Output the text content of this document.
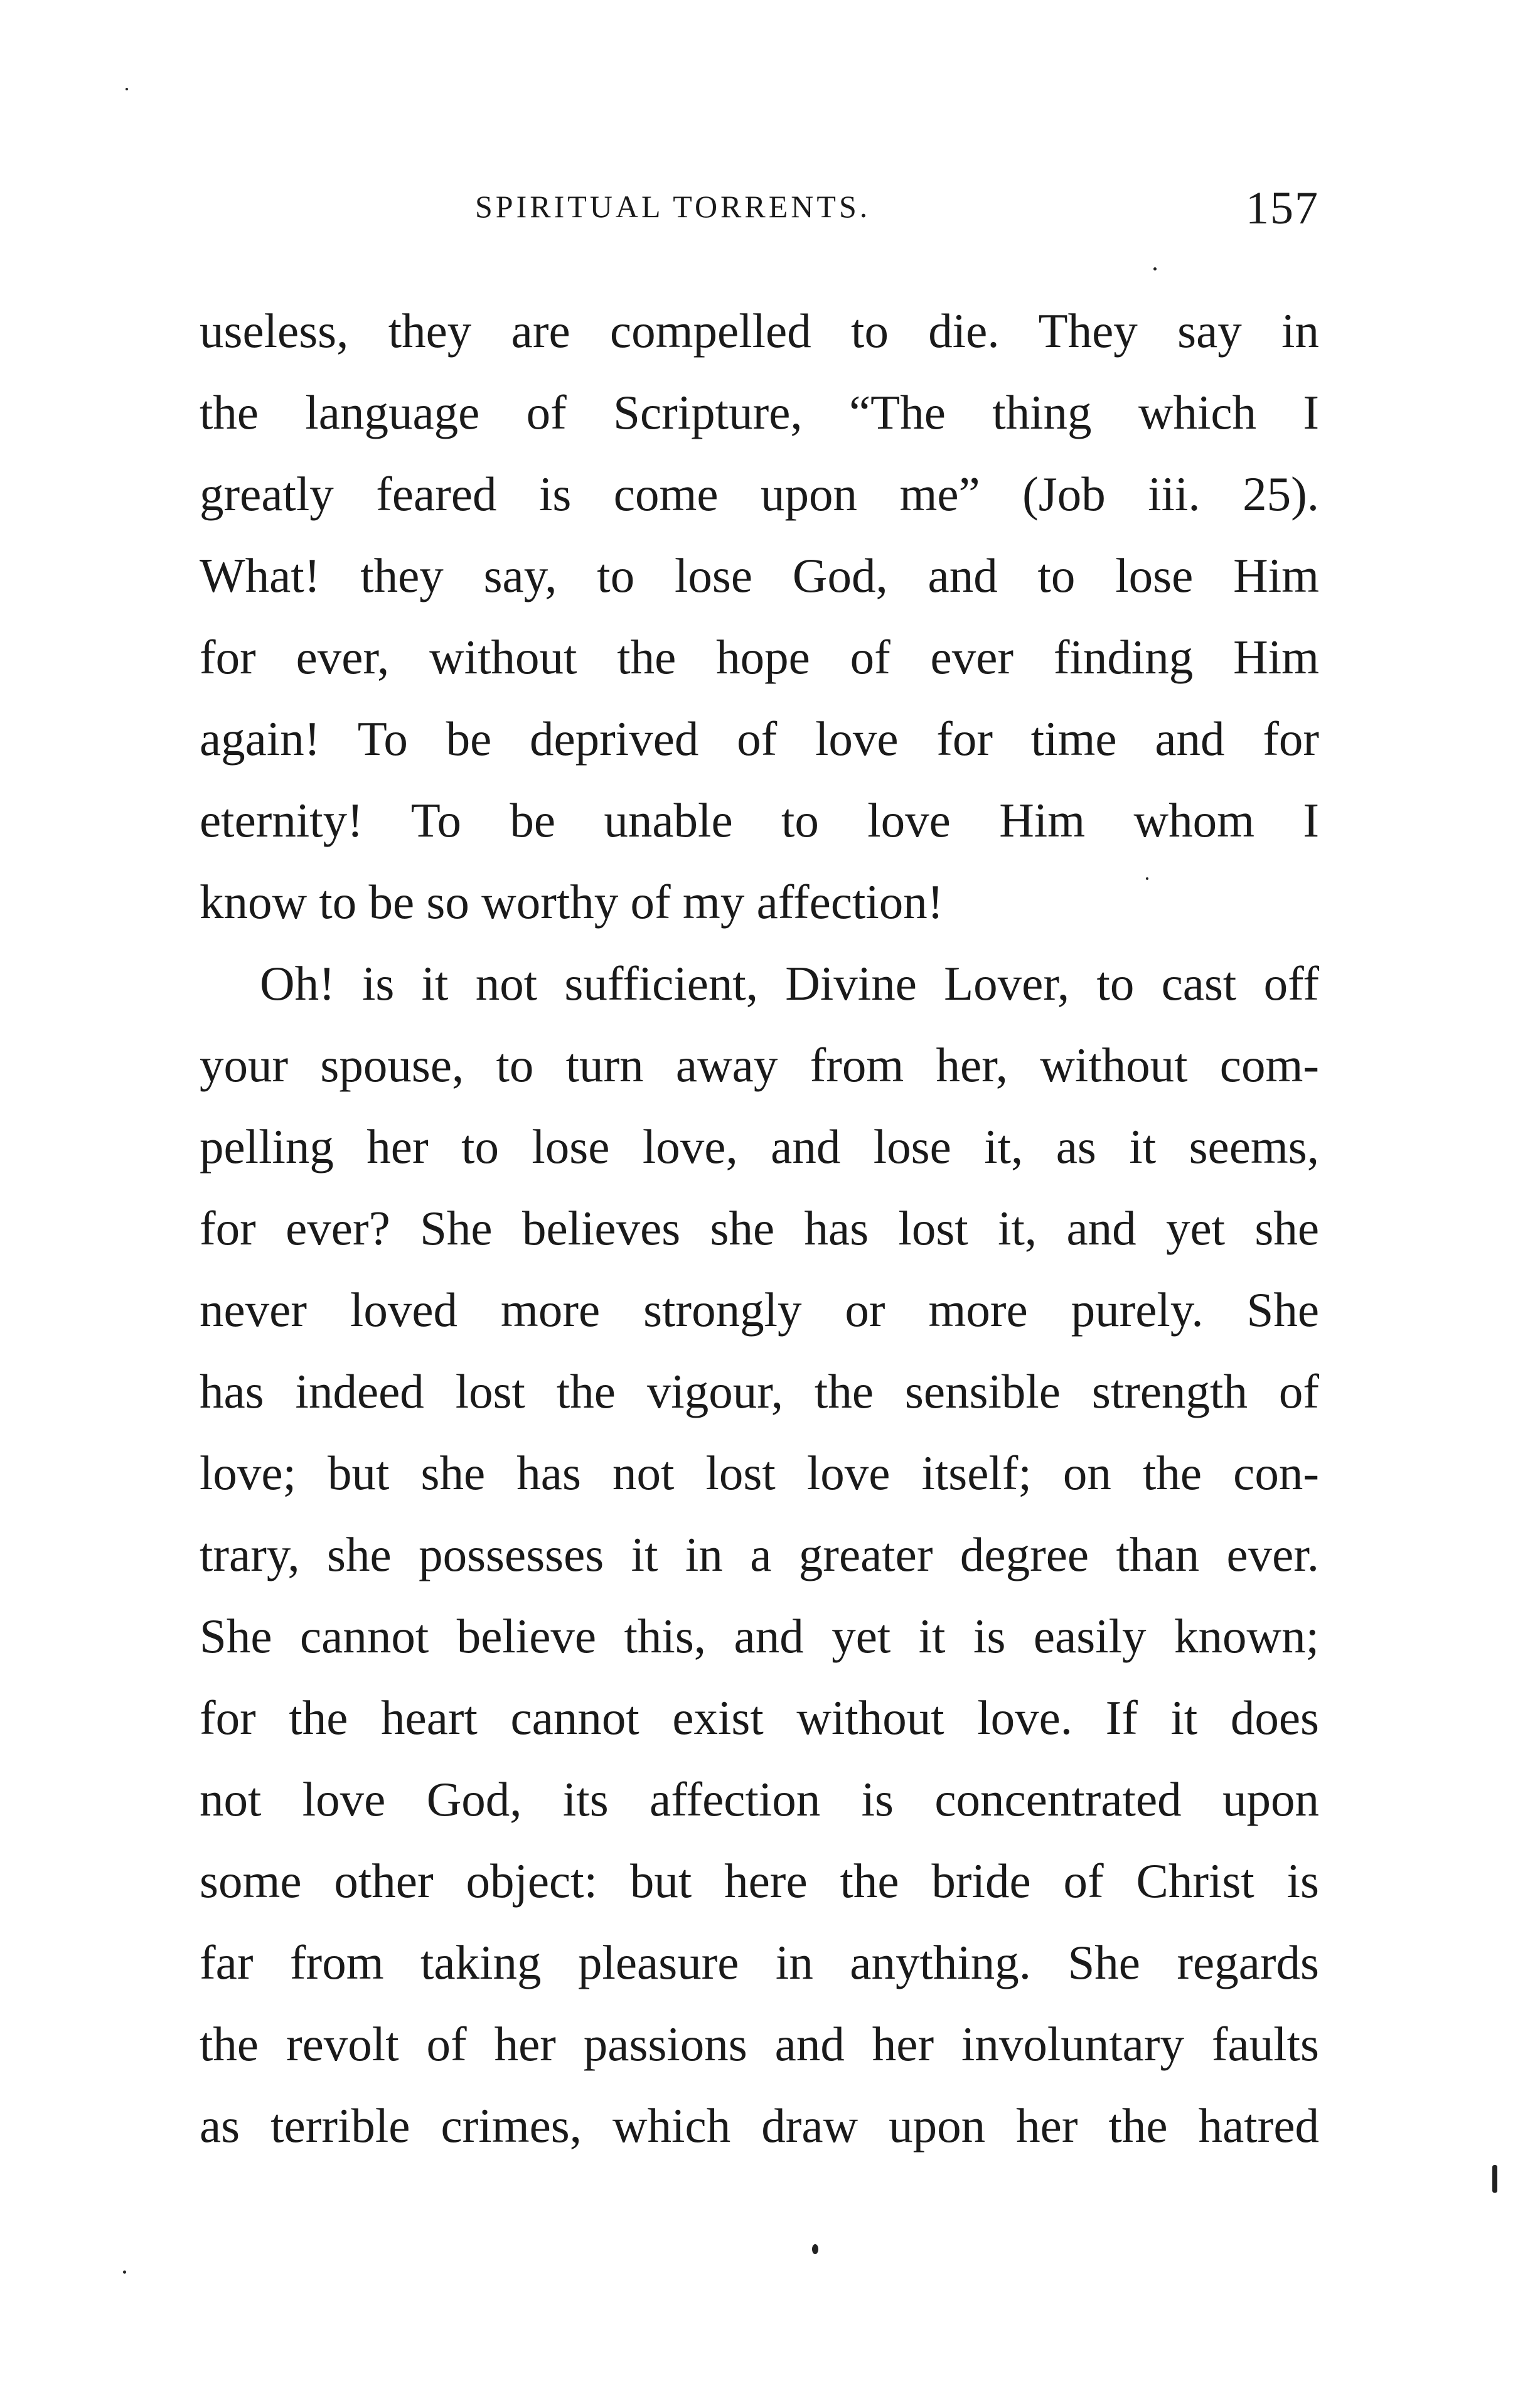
SPIRITUAL TORRENTS.	157
useless, they are compelled to die. They say in
the language of Scripture, “The thing which I
greatly feared is come upon me” (Job iii. 25).
What! they say, to lose God, and to lose Him
for ever, without the hope of ever finding Him
again! To be deprived of love for time and for
eternity! To be unable to love Him whom I
know to be so worthy of my affection!
Oh! is it not sufficient, Divine Lover, to cast off
your spouse, to turn away from her, without com-
pelling her to lose love, and lose it, as it seems,
for ever? She believes she has lost it, and yet she
never loved more strongly or more purely. She
has indeed lost the vigour, the sensible strength of
love; but she has not lost love itself; on the con-
trary, she possesses it in a greater degree than ever.
She cannot believe this, and yet it is easily known;
for the heart cannot exist without love. If it does
not love God, its affection is concentrated upon
some other object: but here the bride of Christ is
far from taking pleasure in anything. She regards
the revolt of her passions and her involuntary faults
as terrible crimes, which draw upon her the hatred
